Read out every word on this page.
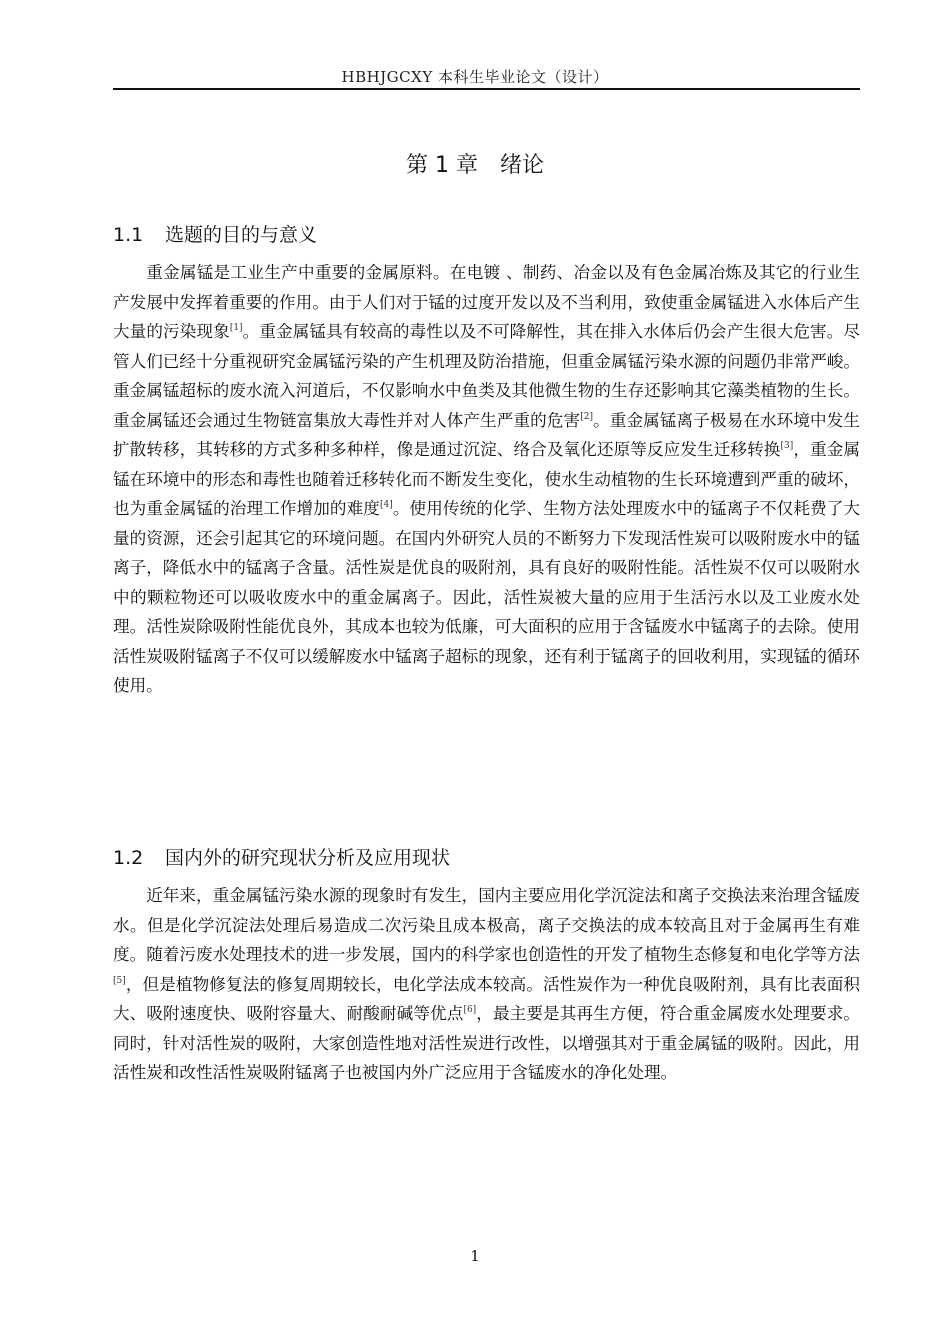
HBHJGCXY 本科生毕业论文（设计）
第 1 章　绪论
1.1 选题的目的与意义

重金属锰是工业生产中重要的金属原料。在电镀 、制药、冶金以及有色金属冶炼及其它的行业生产发展中发挥着重要的作用。由于人们对于锰的过度开发以及不当利用，致使重金属锰进入水体后产生大量的污染现象[1]。重金属锰具有较高的毒性以及不可降解性，其在排入水体后仍会产生很大危害。尽管人们已经十分重视研究金属锰污染的产生机理及防治措施，但重金属锰污染水源的问题仍非常严峻。重金属锰超标的废水流入河道后，不仅影响水中鱼类及其他微生物的生存还影响其它藻类植物的生长。重金属锰还会通过生物链富集放大毒性并对人体产生严重的危害[2]。重金属锰离子极易在水环境中发生扩散转移，其转移的方式多种多种样，像是通过沉淀、络合及氧化还原等反应发生迁移转换[3]，重金属锰在环境中的形态和毒性也随着迁移转化而不断发生变化，使水生动植物的生长环境遭到严重的破坏，也为重金属锰的治理工作增加的难度[4]。使用传统的化学、生物方法处理废水中的锰离子不仅耗费了大量的资源，还会引起其它的环境问题。在国内外研究人员的不断努力下发现活性炭可以吸附废水中的锰离子，降低水中的锰离子含量。活性炭是优良的吸附剂，具有良好的吸附性能。活性炭不仅可以吸附水中的颗粒物还可以吸收废水中的重金属离子。因此，活性炭被大量的应用于生活污水以及工业废水处理。活性炭除吸附性能优良外，其成本也较为低廉，可大面积的应用于含锰废水中锰离子的去除。使用活性炭吸附锰离子不仅可以缓解废水中锰离子超标的现象，还有利于锰离子的回收利用，实现锰的循环使用。

1.2 国内外的研究现状分析及应用现状

近年来，重金属锰污染水源的现象时有发生，国内主要应用化学沉淀法和离子交换法来治理含锰废水。但是化学沉淀法处理后易造成二次污染且成本极高，离子交换法的成本较高且对于金属再生有难度。随着污废水处理技术的进一步发展，国内的科学家也创造性的开发了植物生态修复和电化学等方法[5]，但是植物修复法的修复周期较长，电化学法成本较高。活性炭作为一种优良吸附剂，具有比表面积大、吸附速度快、吸附容量大、耐酸耐碱等优点[6]，最主要是其再生方便，符合重金属废水处理要求。同时，针对活性炭的吸附，大家创造性地对活性炭进行改性，以增强其对于重金属锰的吸附。因此，用活性炭和改性活性炭吸附锰离子也被国内外广泛应用于含锰废水的净化处理。

1
